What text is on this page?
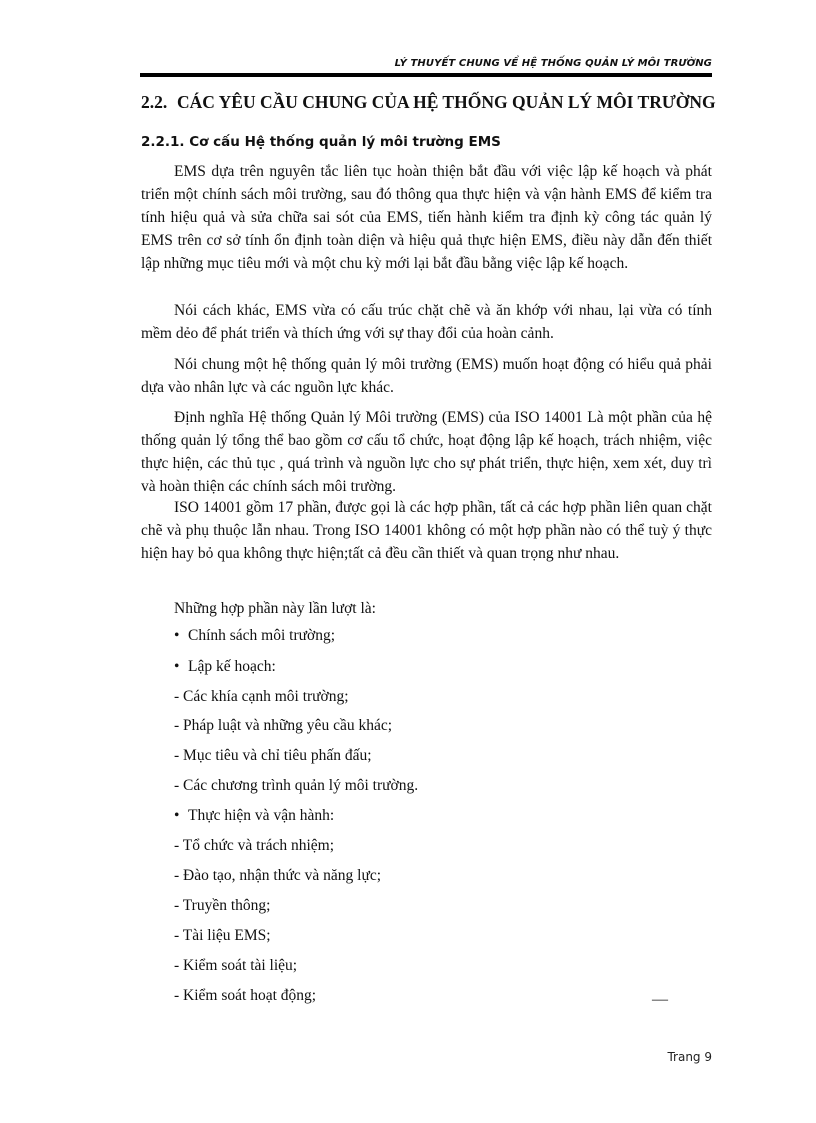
LÝ THUYẾT CHUNG VỀ HỆ THỐNG QUẢN LÝ MÔI TRƯỜNG
2.2. CÁC YÊU CẦU CHUNG CỦA HỆ THỐNG QUẢN LÝ MÔI TRƯỜNG
2.2.1. Cơ cấu Hệ thống quản lý môi trường EMS

EMS dựa trên nguyên tắc liên tục hoàn thiện bắt đầu với việc lập kế hoạch và phát triển một chính sách môi trường, sau đó thông qua thực hiện và vận hành EMS để kiểm tra tính hiệu quả và sửa chữa sai sót của EMS, tiến hành kiểm tra định kỳ công tác quản lý EMS trên cơ sở tính ổn định toàn diện và hiệu quả thực hiện EMS, điều này dẫn đến thiết lập những mục tiêu mới và một chu kỳ mới lại bắt đầu bằng việc lập kế hoạch.

Nói cách khác, EMS vừa có cấu trúc chặt chẽ và ăn khớp với nhau, lại vừa có tính mềm dẻo để phát triển và thích ứng với sự thay đổi của hoàn cảnh.

Nói chung một hệ thống quản lý môi trường (EMS) muốn hoạt động có hiểu quả phải dựa vào nhân lực và các nguồn lực khác.

Định nghĩa Hệ thống Quản lý Môi trường (EMS) của ISO 14001 Là một phần của hệ thống quản lý tổng thể bao gồm cơ cấu tổ chức, hoạt động lập kế hoạch, trách nhiệm, việc thực hiện, các thủ tục , quá trình và nguồn lực cho sự phát triển, thực hiện, xem xét, duy trì và hoàn thiện các chính sách môi trường.

ISO 14001 gồm 17 phần, được gọi là các hợp phần, tất cả các hợp phần liên quan chặt chẽ và phụ thuộc lẫn nhau. Trong ISO 14001 không có một hợp phần nào có thể tuỳ ý thực hiện hay bỏ qua không thực hiện;tất cả đều cần thiết và quan trọng như nhau.

Những hợp phần này lần lượt là:

• Chính sách môi trường;
• Lập kế hoạch:
- Các khía cạnh môi trường;
- Pháp luật và những yêu cầu khác;
- Mục tiêu và chỉ tiêu phấn đấu;
- Các chương trình quản lý môi trường.
• Thực hiện và vận hành:
- Tổ chức và trách nhiệm;
- Đào tạo, nhận thức và năng lực;
- Truyền thông;
- Tài liệu EMS;
- Kiểm soát tài liệu;
- Kiểm soát hoạt động;	—
Trang 9
